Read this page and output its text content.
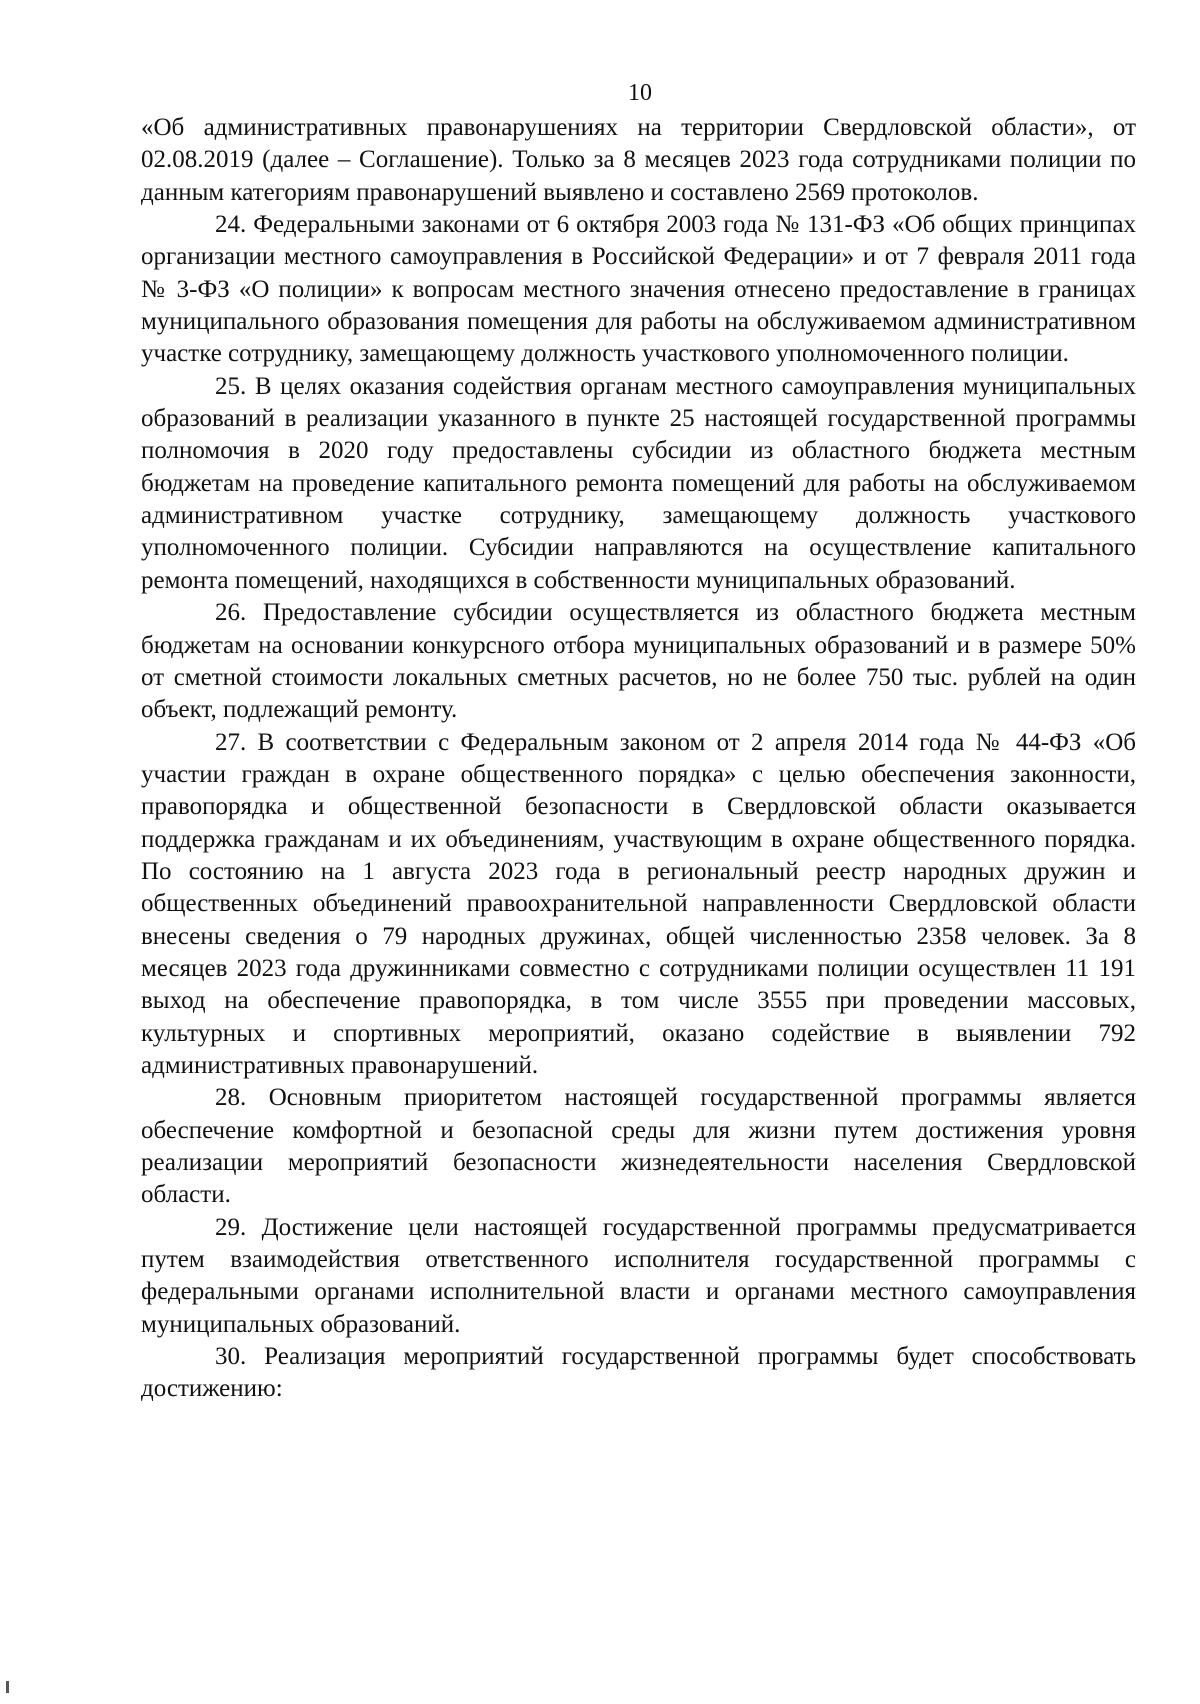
10

«Об административных правонарушениях на территории Свердловской области», от 02.08.2019 (далее – Соглашение). Только за 8 месяцев 2023 года сотрудниками полиции по данным категориям правонарушений выявлено и составлено 2569 протоколов.

24. Федеральными законами от 6 октября 2003 года № 131-ФЗ «Об общих принципах организации местного самоуправления в Российской Федерации» и от 7 февраля 2011 года № 3-ФЗ «О полиции» к вопросам местного значения отнесено предоставление в границах муниципального образования помещения для работы на обслуживаемом административном участке сотруднику, замещающему должность участкового уполномоченного полиции.

25. В целях оказания содействия органам местного самоуправления муниципальных образований в реализации указанного в пункте 25 настоящей государственной программы полномочия в 2020 году предоставлены субсидии из областного бюджета местным бюджетам на проведение капитального ремонта помещений для работы на обслуживаемом административном участке сотруднику, замещающему должность участкового уполномоченного полиции. Субсидии направляются на осуществление капитального ремонта помещений, находящихся в собственности муниципальных образований.

26. Предоставление субсидии осуществляется из областного бюджета местным бюджетам на основании конкурсного отбора муниципальных образований и в размере 50% от сметной стоимости локальных сметных расчетов, но не более 750 тыс. рублей на один объект, подлежащий ремонту.

27. В соответствии с Федеральным законом от 2 апреля 2014 года № 44-ФЗ «Об участии граждан в охране общественного порядка» с целью обеспечения законности, правопорядка и общественной безопасности в Свердловской области оказывается поддержка гражданам и их объединениям, участвующим в охране общественного порядка. По состоянию на 1 августа 2023 года в региональный реестр народных дружин и общественных объединений правоохранительной направленности Свердловской области внесены сведения о 79 народных дружинах, общей численностью 2358 человек. За 8 месяцев 2023 года дружинниками совместно с сотрудниками полиции осуществлен 11 191 выход на обеспечение правопорядка, в том числе 3555 при проведении массовых, культурных и спортивных мероприятий, оказано содействие в выявлении 792 административных правонарушений.

28. Основным приоритетом настоящей государственной программы является обеспечение комфортной и безопасной среды для жизни путем достижения уровня реализации мероприятий безопасности жизнедеятельности населения Свердловской области.

29. Достижение цели настоящей государственной программы предусматривается путем взаимодействия ответственного исполнителя государственной программы с федеральными органами исполнительной власти и органами местного самоуправления муниципальных образований.

30. Реализация мероприятий государственной программы будет способствовать достижению:
